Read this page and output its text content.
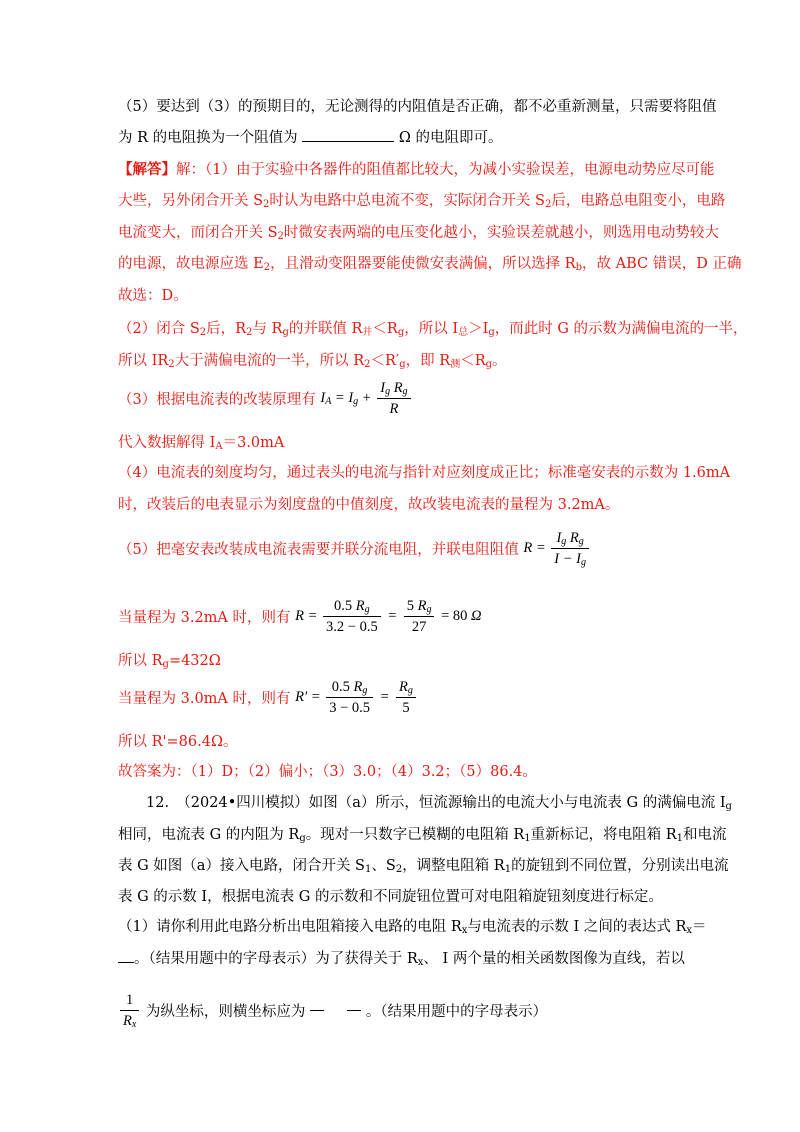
（5）要达到（3）的预期目的，无论测得的内阻值是否正确，都不必重新测量，只需要将阻值
为 R 的电阻换为一个阻值为	Ω 的电阻即可。
【解答】解：（1）由于实验中各器件的阻值都比较大，为减小实验误差，电源电动势应尽可能
大些，另外闭合开关 $S_2$时认为电路中总电流不变，实际闭合开关 $S_2$后，电路总电阻变小，电路
电流变大，而闭合开关 $S_2$时微安表两端的电压变化越小，实验误差就越小，则选用电动势较大
的电源，故电源应选 $E_2$，且滑动变阻器要能使微安表满偏，所以选择 $R_b$，故 ABC 错误，D 正确
故选：D。
（2）闭合 $S_2$后，$R_2$与 $R_g$的并联值 $R_并<R_g$，所以 $I_总>I_g$，而此时 G 的示数为满偏电流的一半，
所以 $IR_2$大于满偏电流的一半，所以 $R_2<R'_g$，即 $R_测<R_g$。
（3）根据电流表的改装原理有 $I_A = I_g + \frac{I_g R_g}{R}$
代入数据解得 $I_A=3.0mA$
（4）电流表的刻度均匀，通过表头的电流与指针对应刻度成正比；标准毫安表的示数为 1.6mA
时，改装后的电表显示为刻度盘的中值刻度，故改装电流表的量程为 3.2mA。
（5）把毫安表改装成电流表需要并联分流电阻，并联电阻阻值 $R = \frac{I_g R_g}{I - I_g}$
当量程为 3.2mA 时，则有 $R = \frac{0.5 R_g}{3.2 - 0.5} = \frac{5 R_g}{27} = 80$ Ω
所以 $R_g=432\Omega$
当量程为 3.0mA 时，则有 $R' = \frac{0.5 R_g}{3 - 0.5} = \frac{R_g}{5}$
所以 R'=86.4Ω。
故答案为：（1）D；（2）偏小；（3）3.0；（4）3.2；（5）86.4。
12.　（2024•四川模拟）如图（a）所示，恒流源输出的电流大小与电流表 G 的满偏电流 $I_g$
相同，电流表 G 的内阻为 $R_g$。现对一只数字已模糊的电阻箱 $R_1$重新标记，将电阻箱 $R_1$和电流
表 G 如图（a）接入电路，闭合开关 $S_1$、$S_2$，调整电阻箱 $R_1$的旋钮到不同位置，分别读出电流
表 G 的示数 I，根据电流表 G 的示数和不同旋钮位置可对电阻箱旋钮刻度进行标定。
（1）请你利用此电路分析出电阻箱接入电路的电阻 $R_x$与电流表的示数 I 之间的表达式 $R_x=$
。（结果用题中的字母表示）为了获得关于 $R_x$、 I 两个量的相关函数图像为直线，若以
$\frac{1}{R_x}$ 为纵坐标，则横坐标应为	。（结果用题中的字母表示）
